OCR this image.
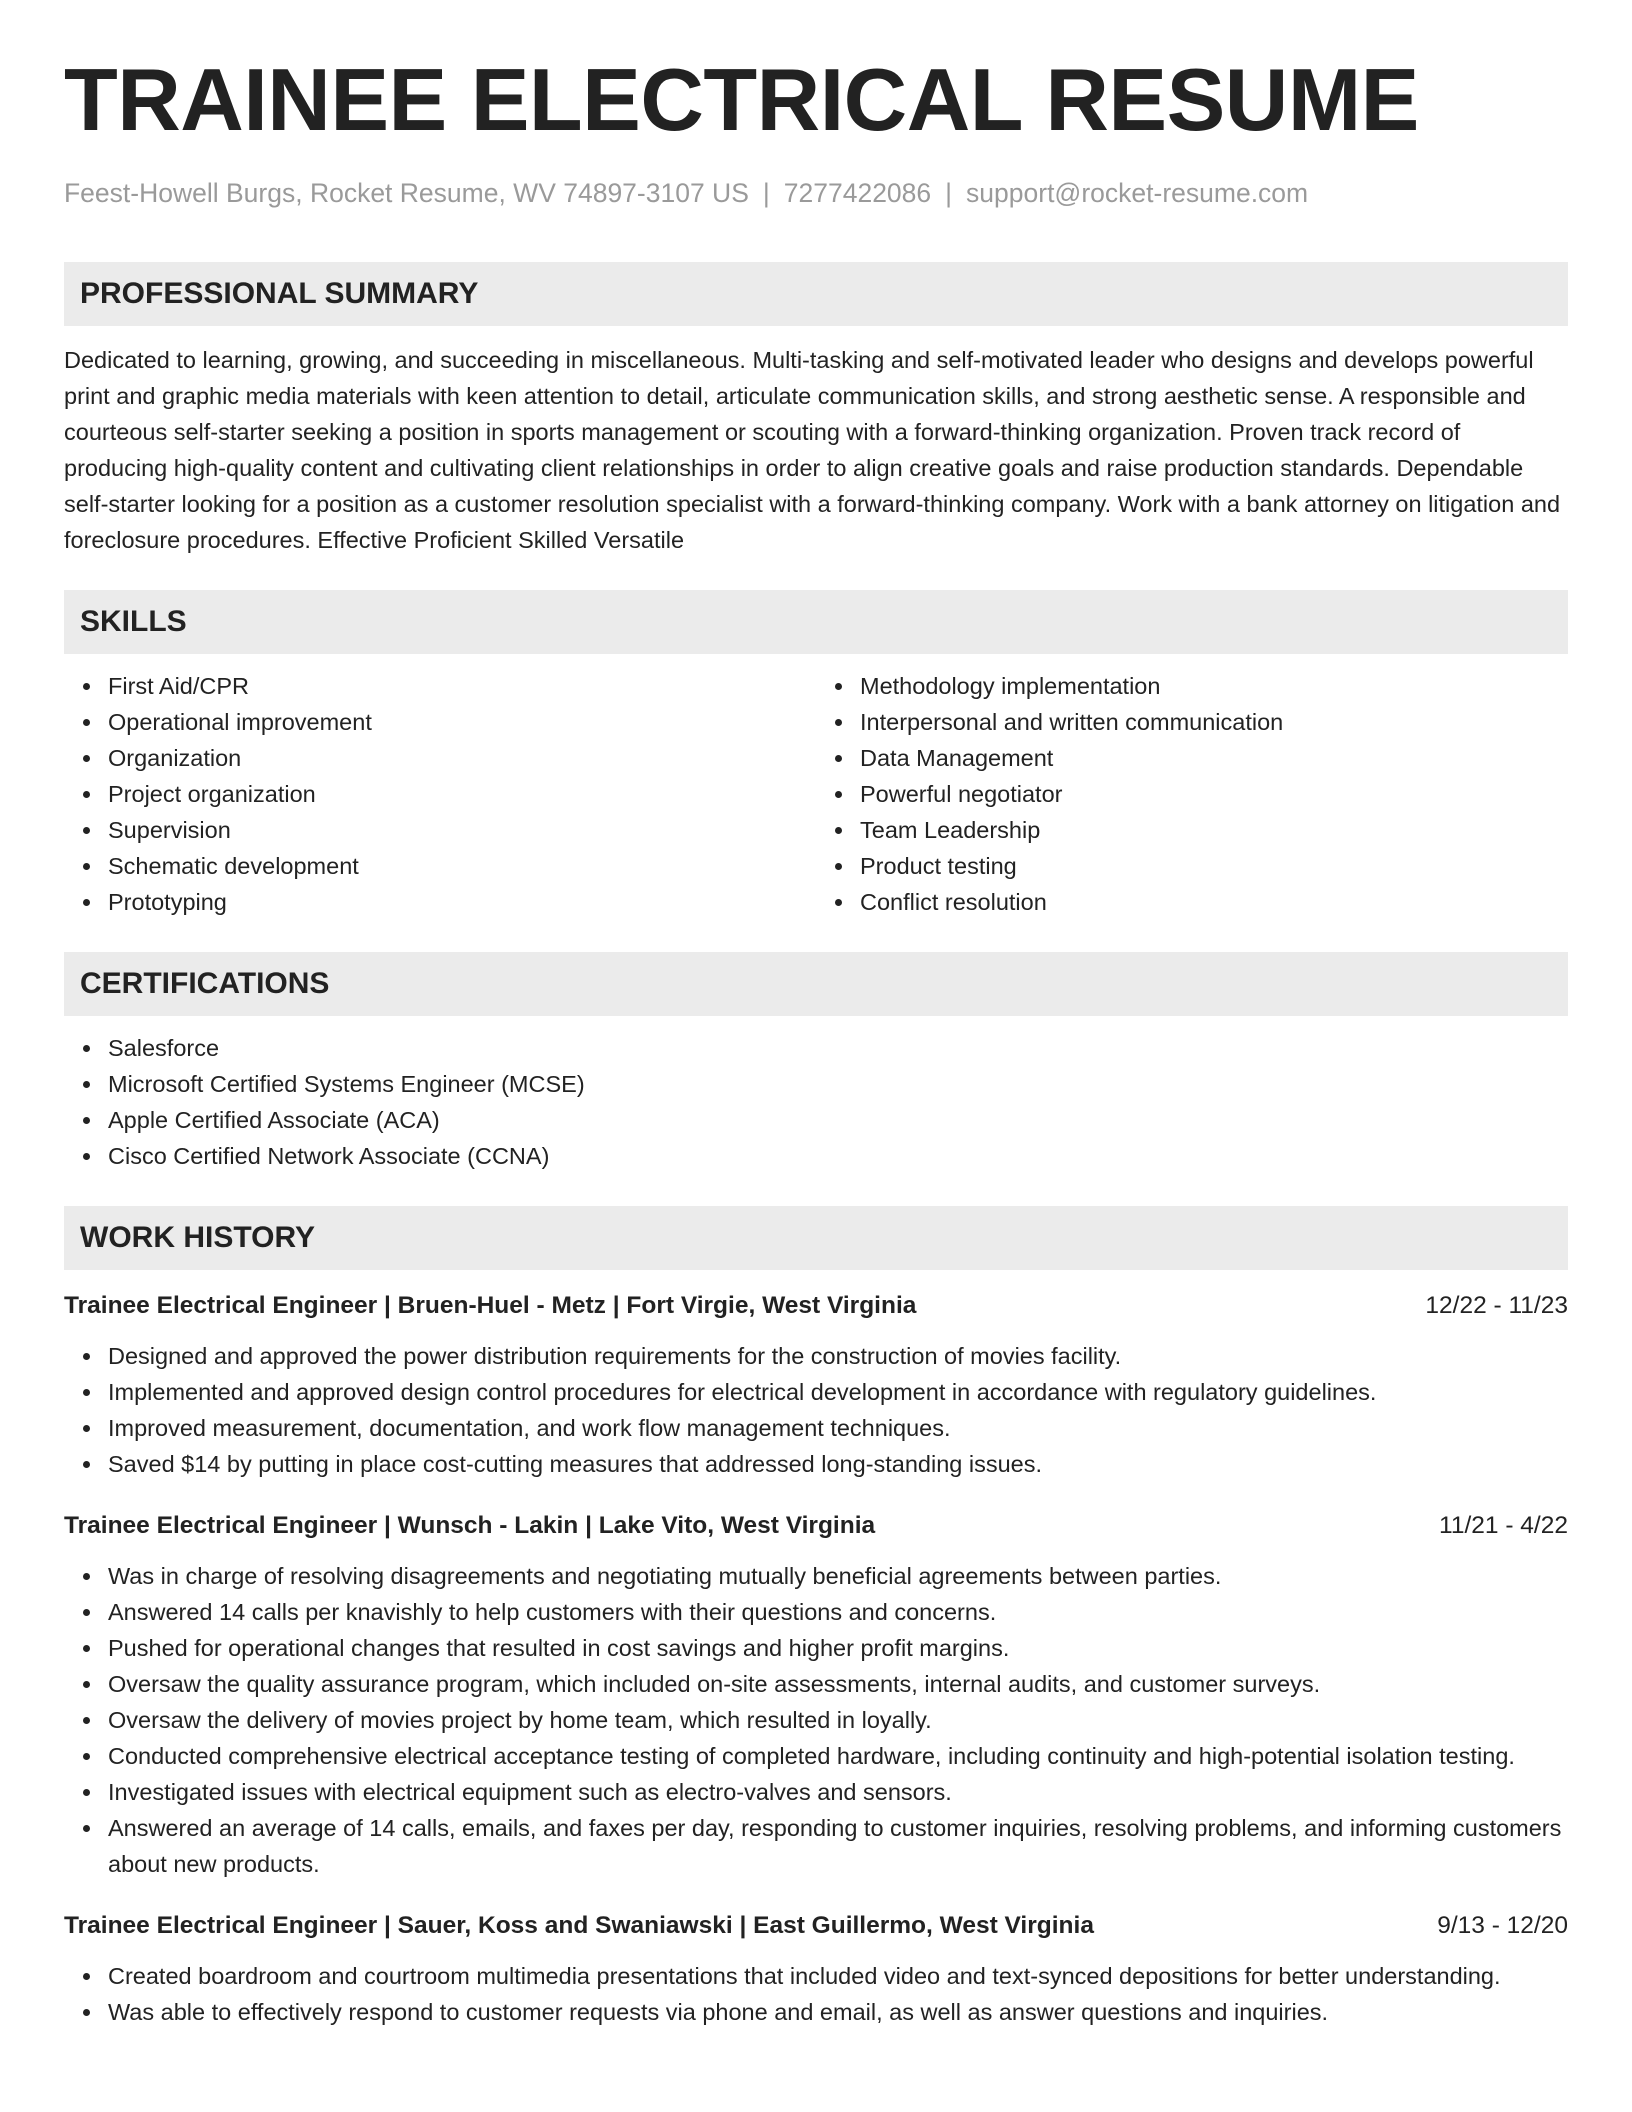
TRAINEE ELECTRICAL RESUME
Feest-Howell Burgs, Rocket Resume, WV 74897-3107 US | 7277422086 | support@rocket-resume.com
PROFESSIONAL SUMMARY

Dedicated to learning, growing, and succeeding in miscellaneous. Multi-tasking and self-motivated leader who designs and develops powerful print and graphic media materials with keen attention to detail, articulate communication skills, and strong aesthetic sense. A responsible and courteous self-starter seeking a position in sports management or scouting with a forward-thinking organization. Proven track record of producing high-quality content and cultivating client relationships in order to align creative goals and raise production standards. Dependable self-starter looking for a position as a customer resolution specialist with a forward-thinking company. Work with a bank attorney on litigation and foreclosure procedures. Effective Proficient Skilled Versatile

SKILLS
First Aid/CPR
Operational improvement
Organization
Project organization
Supervision
Schematic development
Prototyping
Methodology implementation
Interpersonal and written communication
Data Management
Powerful negotiator
Team Leadership
Product testing
Conflict resolution
CERTIFICATIONS
Salesforce
Microsoft Certified Systems Engineer (MCSE)
Apple Certified Associate (ACA)
Cisco Certified Network Associate (CCNA)
WORK HISTORY
Trainee Electrical Engineer | Bruen-Huel - Metz | Fort Virgie, West Virginia	12/22 - 11/23
Designed and approved the power distribution requirements for the construction of movies facility.
Implemented and approved design control procedures for electrical development in accordance with regulatory guidelines.
Improved measurement, documentation, and work flow management techniques.
Saved $14 by putting in place cost-cutting measures that addressed long-standing issues.
Trainee Electrical Engineer | Wunsch - Lakin | Lake Vito, West Virginia	11/21 - 4/22
Was in charge of resolving disagreements and negotiating mutually beneficial agreements between parties.
Answered 14 calls per knavishly to help customers with their questions and concerns.
Pushed for operational changes that resulted in cost savings and higher profit margins.
Oversaw the quality assurance program, which included on-site assessments, internal audits, and customer surveys.
Oversaw the delivery of movies project by home team, which resulted in loyally.
Conducted comprehensive electrical acceptance testing of completed hardware, including continuity and high-potential isolation testing.
Investigated issues with electrical equipment such as electro-valves and sensors.
Answered an average of 14 calls, emails, and faxes per day, responding to customer inquiries, resolving problems, and informing customers about new products.
Trainee Electrical Engineer | Sauer, Koss and Swaniawski | East Guillermo, West Virginia	9/13 - 12/20
Created boardroom and courtroom multimedia presentations that included video and text-synced depositions for better understanding.
Was able to effectively respond to customer requests via phone and email, as well as answer questions and inquiries.
